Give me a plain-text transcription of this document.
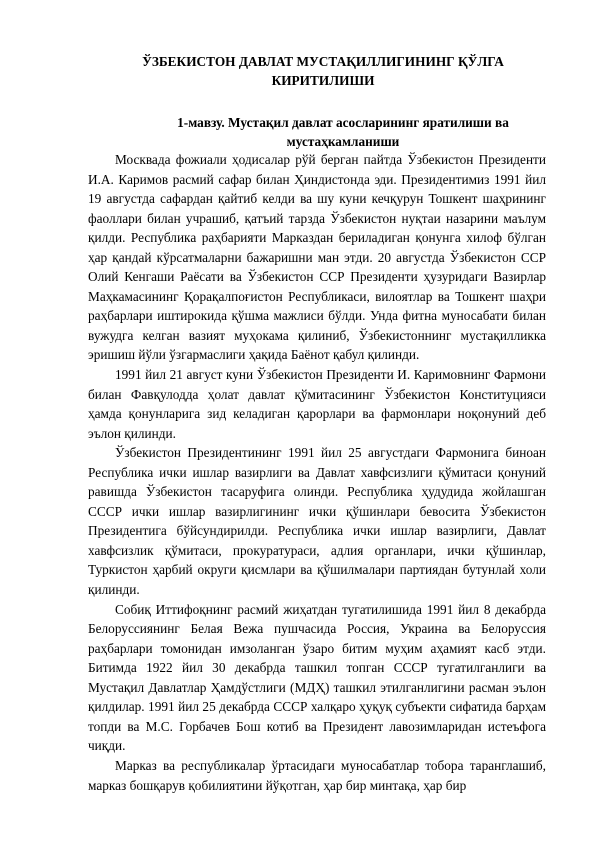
ЎЗБЕКИСТОН ДАВЛАТ МУСТАҚИЛЛИГИНИНГ ҚЎЛГА КИРИТИЛИШИ
1-мавзу. Мустақил давлат асосларининг яратилиши ва мустаҳкамланиши

Москвада фожиали ҳодисалар рўй берган пайтда Ўзбекистон Президенти И.А. Каримов расмий сафар билан Ҳиндистонда эди. Президентимиз 1991 йил 19 августда сафардан қайтиб келди ва шу куни кечқурун Тошкент шаҳрининг фаоллари билан учрашиб, қатъий тарзда Ўзбекистон нуқтаи назарини маълум қилди. Республика раҳбарияти Марказдан бериладиган қонунга хилоф бўлган ҳар қандай кўрсатмаларни бажаришни ман этди. 20 августда Ўзбекистон ССР Олий Кенгаши Раёсати ва Ўзбекистон ССР Президенти ҳузуридаги Вазирлар Маҳкамасининг Қорақалпоғистон Республикаси, вилоятлар ва Тошкент шаҳри раҳбарлари иштирокида қўшма мажлиси бўлди. Унда фитна муносабати билан вужудга келган вазият муҳокама қилиниб, Ўзбекистоннинг мустақилликка эришиш йўли ўзгармаслиги ҳақида Баёнот қабул қилинди.

1991 йил 21 август куни Ўзбекистон Президенти И. Каримовнинг Фармони билан Фавқулодда ҳолат давлат қўмитасининг Ўзбекистон Конституцияси ҳамда қонунларига зид келадиган қарорлари ва фармонлари ноқонуний деб эълон қилинди.

Ўзбекистон Президентининг 1991 йил 25 августдаги Фармонига биноан Республика ички ишлар вазирлиги ва Давлат хавфсизлиги қўмитаси қонуний равишда Ўзбекистон тасаруфига олинди. Республика ҳудудида жойлашган СССР ички ишлар вазирлигининг ички қўшинлари бевосита Ўзбекистон Президентига бўйсундирилди. Республика ички ишлар вазирлиги, Давлат хавфсизлик қўмитаси, прокуратураси, адлия органлари, ички қўшинлар, Туркистон ҳарбий округи қисмлари ва қўшилмалари партиядан бутунлай холи қилинди.

Собиқ Иттифоқнинг расмий жиҳатдан тугатилишида 1991 йил 8 декабрда Белоруссиянинг Белая Вежа пушчасида Россия, Украина ва Белоруссия раҳбарлари томонидан имзоланган ўзаро битим муҳим аҳамият касб этди. Битимда 1922 йил 30 декабрда ташкил топган СССР тугатилганлиги ва Мустақил Давлатлар Ҳамдўстлиги (МДҲ) ташкил этилганлигини расман эълон қилдилар. 1991 йил 25 декабрда СССР халқаро ҳуқуқ субъекти сифатида барҳам топди ва М.С. Горбачев Бош котиб ва Президент лавозимларидан истеъфога чиқди.

Марказ ва республикалар ўртасидаги муносабатлар тобора таранглашиб, марказ бошқарув қобилиятини йўқотган, ҳар бир минтақа, ҳар бир
